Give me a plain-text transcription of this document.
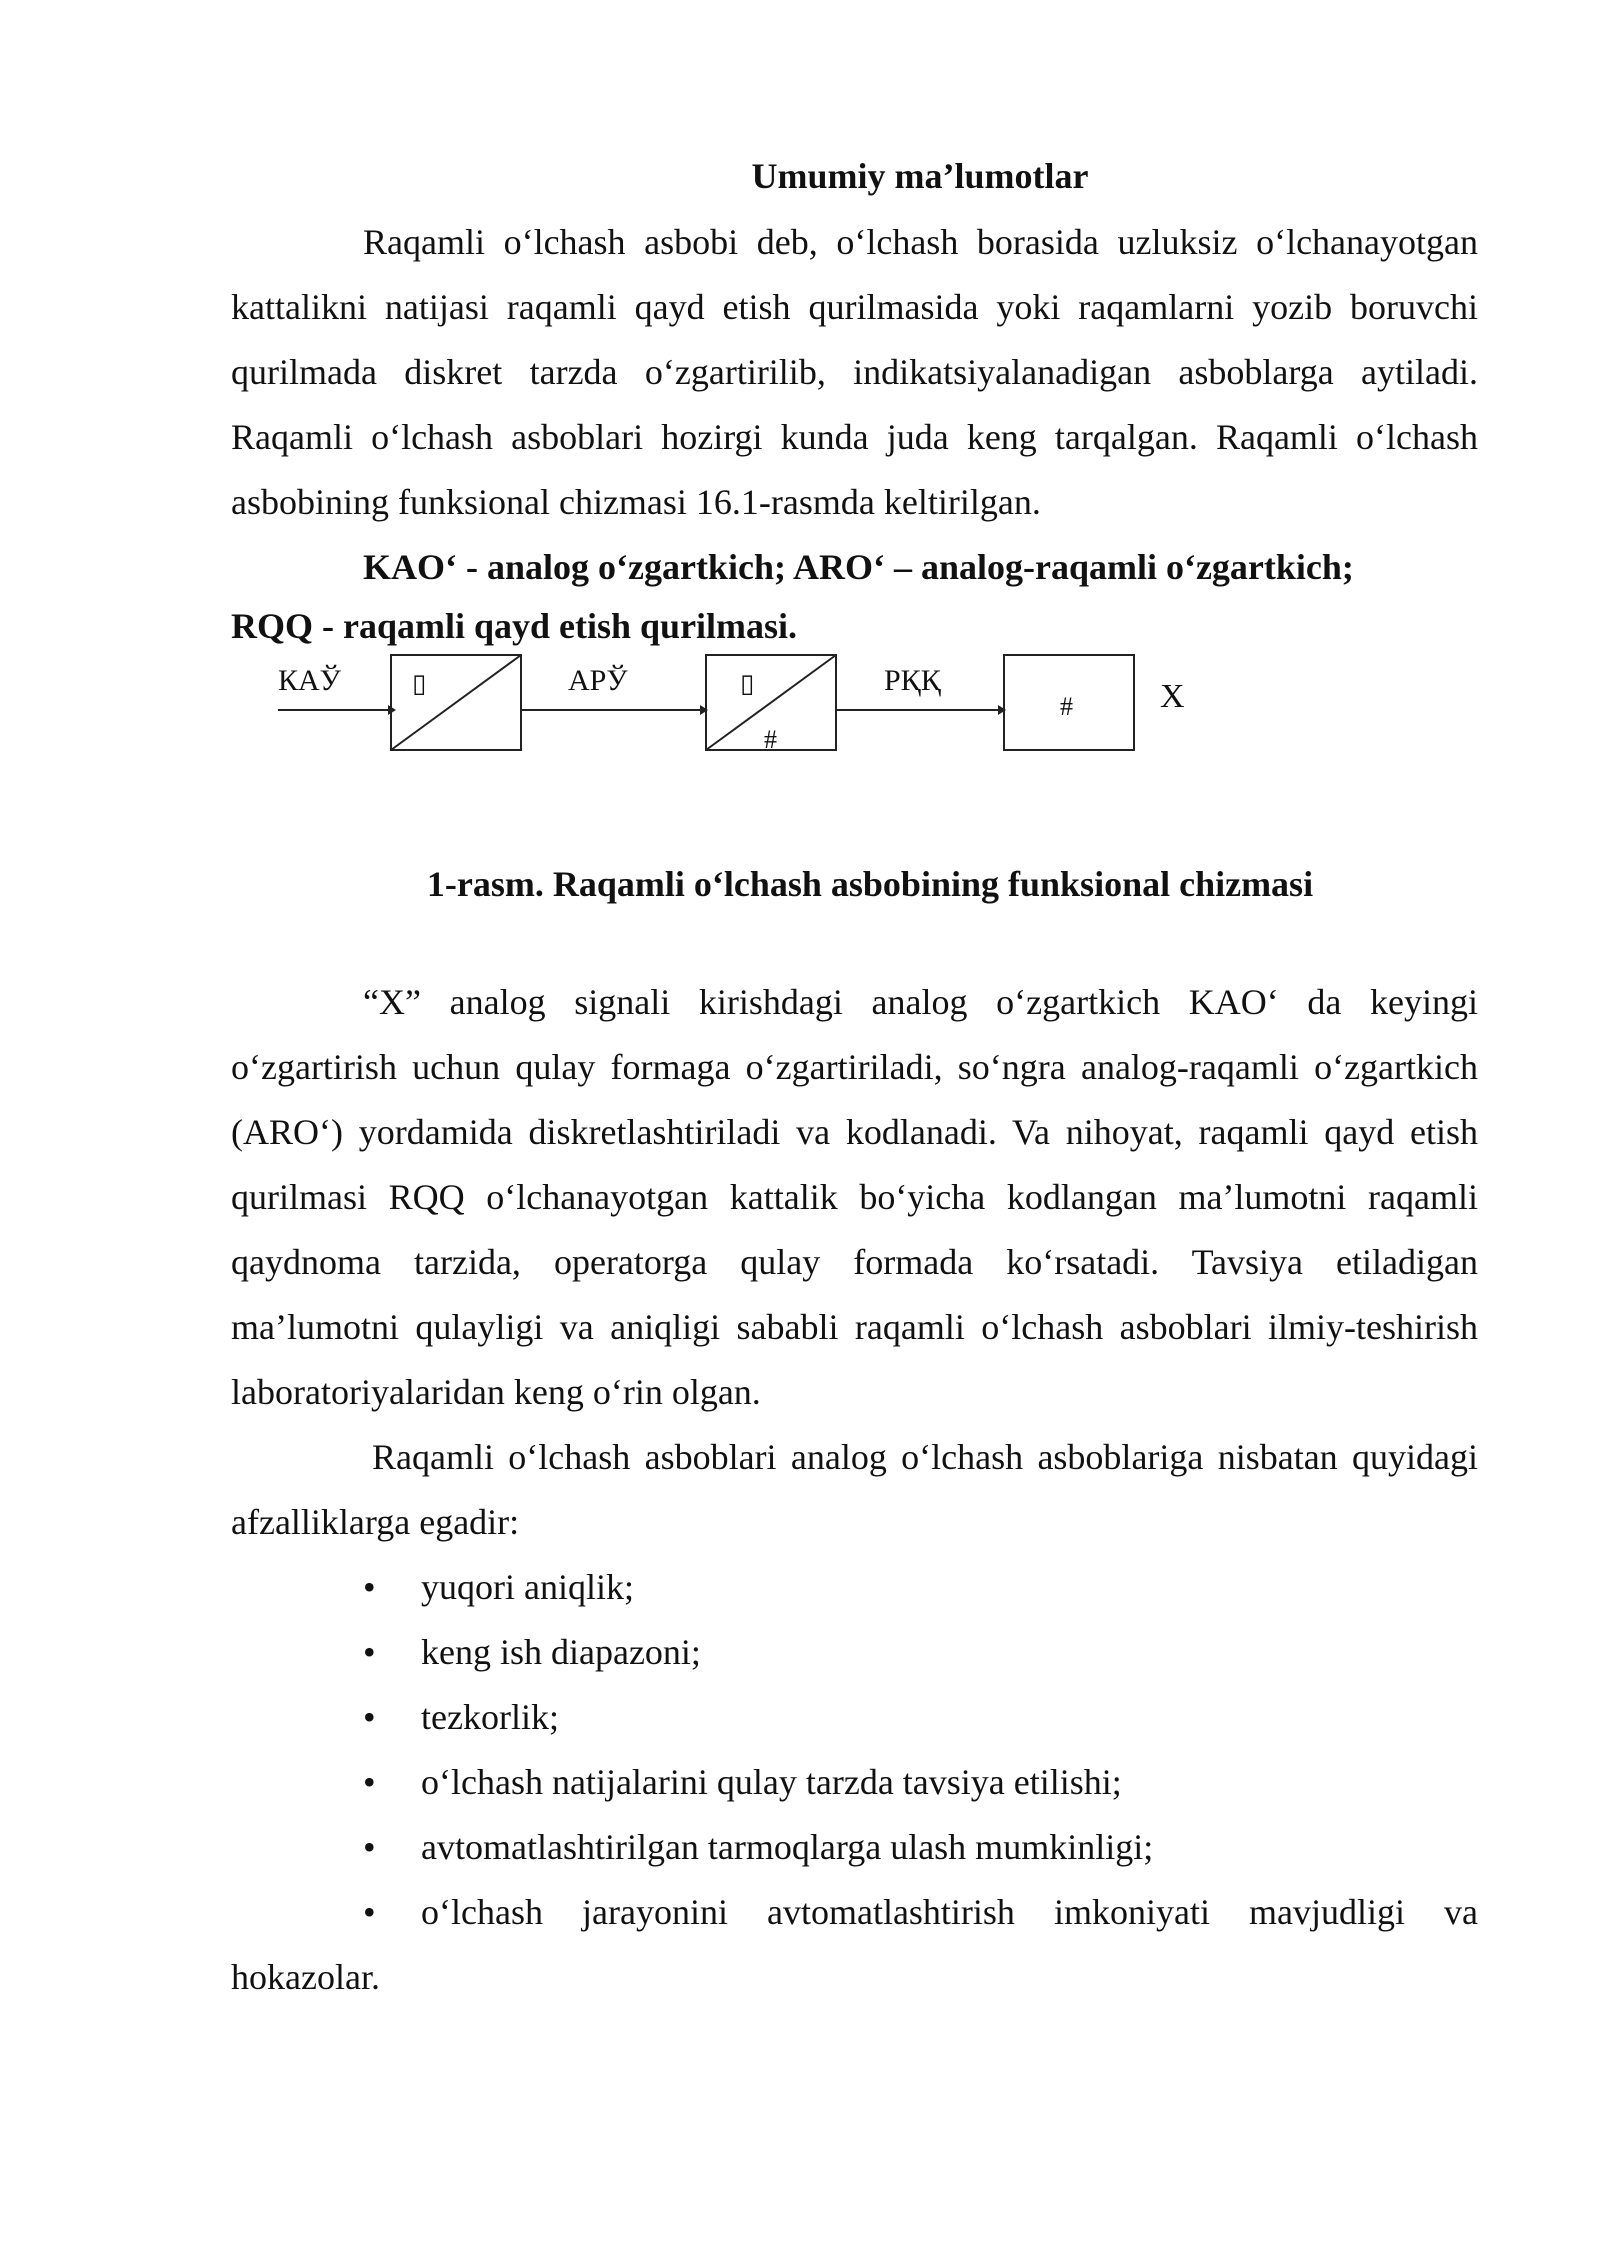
Umumiy ma’lumotlar

Raqamli o‘lchash asbobi deb, o‘lchash borasida uzluksiz o‘lchanayotgan kattalikni natijasi raqamli qayd etish qurilmasida yoki raqamlarni yozib boruvchi qurilmada diskret tarzda o‘zgartirilib, indikatsiyalanadigan asboblarga aytiladi. Raqamli o‘lchash asboblari hozirgi kunda juda keng tarqalgan. Raqamli o‘lchash asbobining funksional chizmasi 16.1-rasmda keltirilgan.

KAO‘ - analog o‘zgartkich; ARO‘ – analog-raqamli o‘zgartkich;

RQQ - raqamli qayd etish qurilmasi.

КАЎ	▯	АРЎ	▯
#
РҚҚ
#	X
1-rasm. Raqamli o‘lchash asbobining funksional chizmasi

“X” analog signali kirishdagi analog o‘zgartkich KAO‘ da keyingi o‘zgartirish uchun qulay formaga o‘zgartiriladi, so‘ngra analog-raqamli o‘zgartkich (ARO‘) yordamida diskretlashtiriladi va kodlanadi. Va nihoyat, raqamli qayd etish qurilmasi RQQ o‘lchanayotgan kattalik bo‘yicha kodlangan ma’lumotni raqamli qaydnoma tarzida, operatorga qulay formada ko‘rsatadi. Tavsiya etiladigan ma’lumotni qulayligi va aniqligi sababli raqamli o‘lchash asboblari ilmiy-teshirish laboratoriyalaridan keng o‘rin olgan.

Raqamli o‘lchash asboblari analog o‘lchash asboblariga nisbatan quyidagi afzalliklarga egadir:

• yuqori aniqlik;
• keng ish diapazoni;
• tezkorlik;
• o‘lchash natijalarini qulay tarzda tavsiya etilishi;
• avtomatlashtirilgan tarmoqlarga ulash mumkinligi;
• o‘lchash jarayonini avtomatlashtirish imkoniyati mavjudligi va

hokazolar.
